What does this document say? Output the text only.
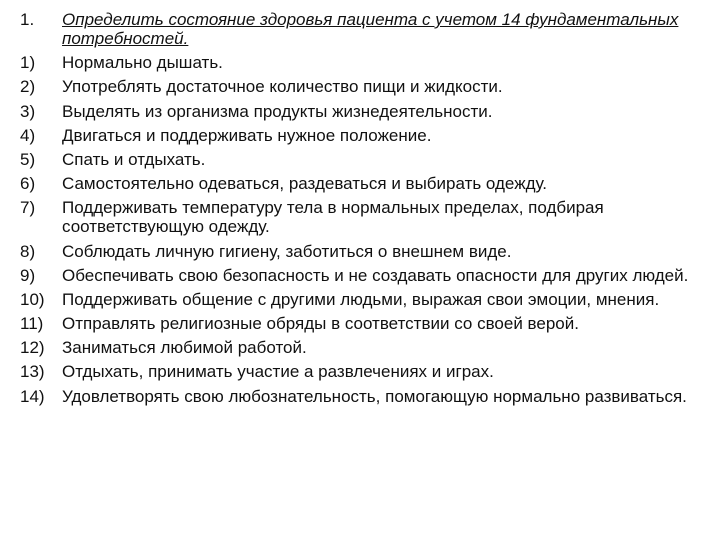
1.	Определить состояние здоровья пациента с учетом 14 фундаментальных потребностей.
1)	Нормально дышать.
2)	Употреблять достаточное количество пищи и жидкости.
3)	Выделять из организма продукты жизнедеятельности.
4)	Двигаться и поддерживать нужное положение.
5)	Спать и отдыхать.
6)	Самостоятельно одеваться, раздеваться и выбирать одежду.
7)	Поддерживать температуру тела в нормальных пределах, подбирая соответствующую одежду.
8)	Соблюдать личную гигиену, заботиться о внешнем виде.
9)	Обеспечивать свою безопасность и не создавать опасности для других людей.
10)	Поддерживать общение с другими людьми, выражая свои эмоции, мнения.
11)	Отправлять религиозные обряды в соответствии со своей верой.
12)	Заниматься любимой работой.
13)	Отдыхать, принимать участие а развлечениях и играх.
14)	Удовлетворять свою любознательность, помогающую нормально развиваться.
